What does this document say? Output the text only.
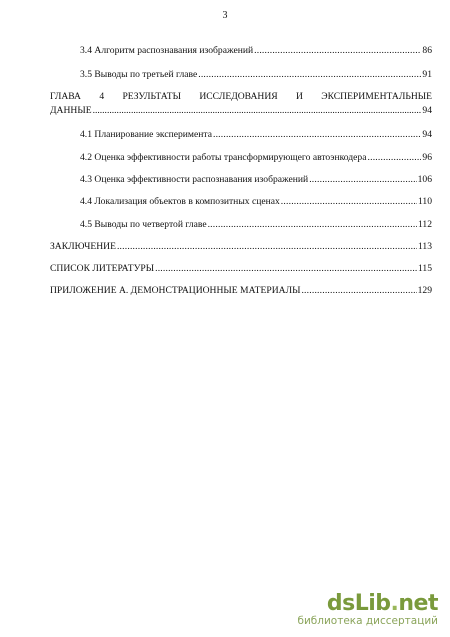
3
3.4 Алгоритм распознавания изображений .....	86
3.5 Выводы по третьей главе .....	91
ГЛАВА 4 РЕЗУЛЬТАТЫ ИССЛЕДОВАНИЯ И ЭКСПЕРИМЕНТАЛЬНЫЕ
ДАННЫЕ .....	94
4.1 Планирование эксперимента .....	94
4.2 Оценка эффективности работы трансформирующего автоэнкодера .....	96
4.3 Оценка эффективности распознавания изображений .....	106
4.4 Локализация объектов в композитных сценах .....	110
4.5 Выводы по четвертой главе .....	112
ЗАКЛЮЧЕНИЕ .....	113
СПИСОК ЛИТЕРАТУРЫ .....	115
ПРИЛОЖЕНИЕ А. ДЕМОНСТРАЦИОННЫЕ МАТЕРИАЛЫ .....	129
dsLib.net
библиотека диссертаций
